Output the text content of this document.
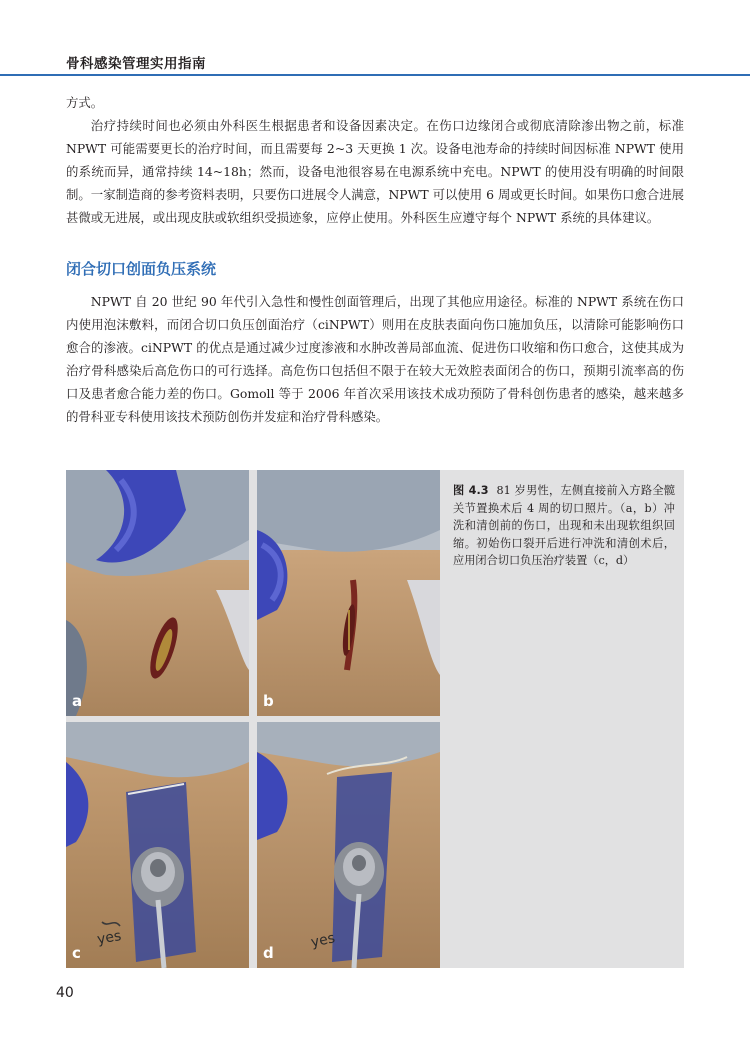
骨科感染管理实用指南

方式。

治疗持续时间也必须由外科医生根据患者和设备因素决定。在伤口边缘闭合或彻底清除渗出物之前，标准 NPWT 可能需要更长的治疗时间，而且需要每 2~3 天更换 1 次。设备电池寿命的持续时间因标准 NPWT 使用的系统而异，通常持续 14~18h；然而，设备电池很容易在电源系统中充电。NPWT 的使用没有明确的时间限制。一家制造商的参考资料表明，只要伤口进展令人满意，NPWT 可以使用 6 周或更长时间。如果伤口愈合进展甚微或无进展，或出现皮肤或软组织受损迹象，应停止使用。外科医生应遵守每个 NPWT 系统的具体建议。

闭合切口创面负压系统

NPWT 自 20 世纪 90 年代引入急性和慢性创面管理后，出现了其他应用途径。标准的 NPWT 系统在伤口内使用泡沫敷料，而闭合切口负压创面治疗（ciNPWT）则用在皮肤表面向伤口施加负压，以清除可能影响伤口愈合的渗液。ciNPWT 的优点是通过减少过度渗液和水肿改善局部血流、促进伤口收缩和伤口愈合，这使其成为治疗骨科感染后高危伤口的可行选择。高危伤口包括但不限于在较大无效腔表面闭合的伤口，预期引流率高的伤口及患者愈合能力差的伤口。Gomoll 等于 2006 年首次采用该技术成功预防了骨科创伤患者的感染，越来越多的骨科亚专科使用该技术预防创伤并发症和治疗骨科感染。

a	b
yes
c
yes
d

图 4.3 81 岁男性，左侧直接前入方路全髋关节置换术后 4 周的切口照片。（a，b）冲洗和清创前的伤口，出现和未出现软组织回缩。初始伤口裂开后进行冲洗和清创术后，应用闭合切口负压治疗装置（c，d）

40
